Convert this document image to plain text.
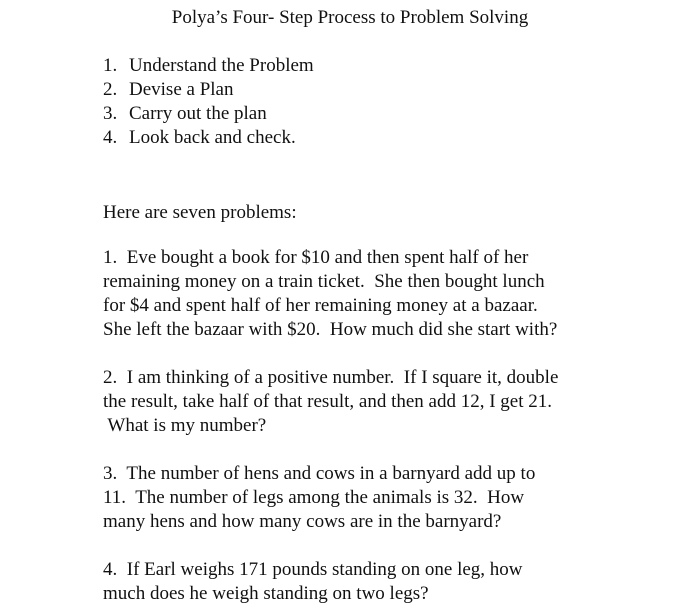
Polya’s Four- Step Process to Problem Solving
1. Understand the Problem
2. Devise a Plan
3. Carry out the plan
4. Look back and check.

Here are seven problems:

1.  Eve bought a book for $10 and then spent half of her
remaining money on a train ticket.  She then bought lunch
for $4 and spent half of her remaining money at a bazaar.
She left the bazaar with $20.  How much did she start with?

2.  I am thinking of a positive number.  If I square it, double
the result, take half of that result, and then add 12, I get 21.
What is my number?

3.  The number of hens and cows in a barnyard add up to
11.  The number of legs among the animals is 32.  How
many hens and how many cows are in the barnyard?

4.  If Earl weighs 171 pounds standing on one leg, how
much does he weigh standing on two legs?
